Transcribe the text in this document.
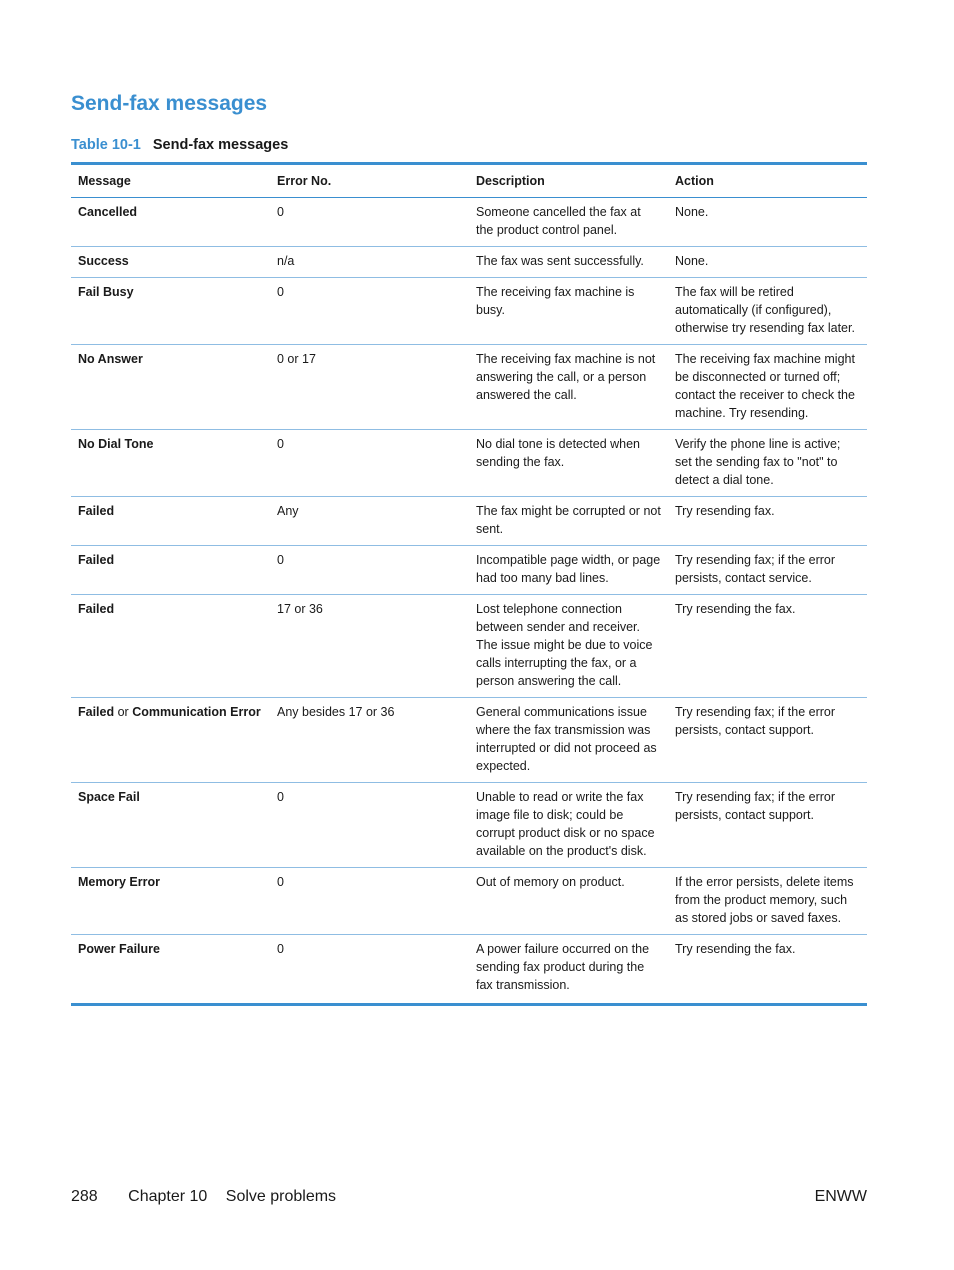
Send-fax messages
Table 10-1 Send-fax messages
Message	Error No.	Description	Action
Cancelled	0	Someone cancelled the fax at the product control panel.	None.
Success	n/a	The fax was sent successfully.	None.
Fail Busy	0	The receiving fax machine is busy.	The fax will be retired automatically (if configured), otherwise try resending fax later.
No Answer	0 or 17	The receiving fax machine is not answering the call, or a person answered the call.	The receiving fax machine might be disconnected or turned off; contact the receiver to check the machine. Try resending.
No Dial Tone	0	No dial tone is detected when sending the fax.	Verify the phone line is active; set the sending fax to "not" to detect a dial tone.
Failed	Any	The fax might be corrupted or not sent.	Try resending fax.
Failed	0	Incompatible page width, or page had too many bad lines.	Try resending fax; if the error persists, contact service.
Failed	17 or 36	Lost telephone connection between sender and receiver. The issue might be due to voice calls interrupting the fax, or a person answering the call.	Try resending the fax.
Failed or Communication Error	Any besides 17 or 36	General communications issue where the fax transmission was interrupted or did not proceed as expected.	Try resending fax; if the error persists, contact support.
Space Fail	0	Unable to read or write the fax image file to disk; could be corrupt product disk or no space available on the product's disk.	Try resending fax; if the error persists, contact support.
Memory Error	0	Out of memory on product.	If the error persists, delete items from the product memory, such as stored jobs or saved faxes.
Power Failure	0	A power failure occurred on the sending fax product during the fax transmission.	Try resending the fax.
288 Chapter 10 Solve problems	ENWW
